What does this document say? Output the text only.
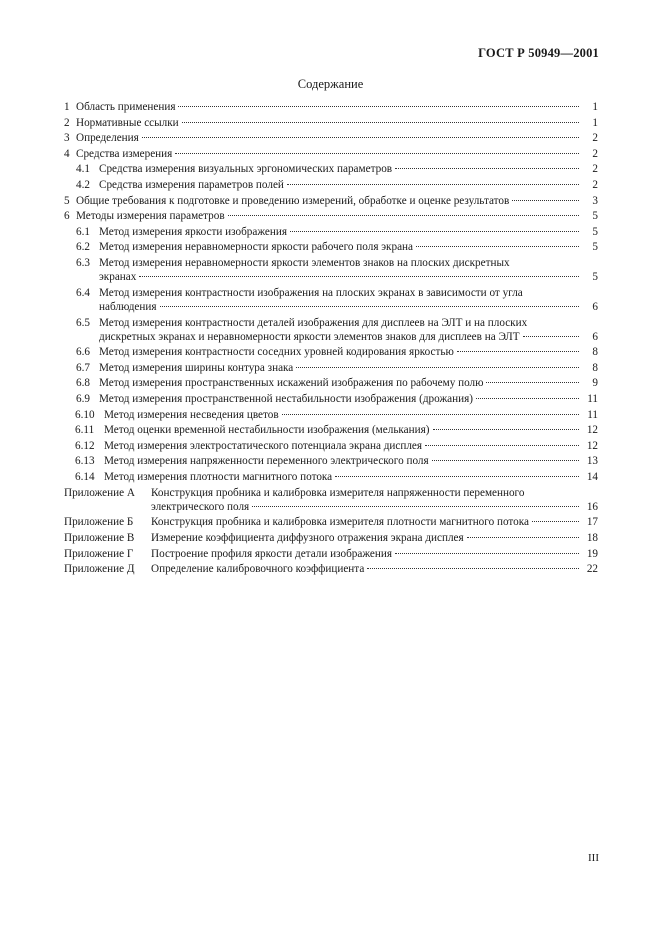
ГОСТ Р 50949—2001
Содержание
1 Область применения	1
2 Нормативные ссылки	1
3 Определения	2
4 Средства измерения	2
4.1 Средства измерения визуальных эргономических параметров	2
4.2 Средства измерения параметров полей	2
5 Общие требования к подготовке и проведению измерений, обработке и оценке результатов	3
6 Методы измерения параметров	5
6.1 Метод измерения яркости изображения	5
6.2 Метод измерения неравномерности яркости рабочего поля экрана	5
6.3 Метод измерения неравномерности яркости элементов знаков на плоских дискретных
экранах	5
6.4 Метод измерения контрастности изображения на плоских экранах в зависимости от угла
наблюдения	6
6.5 Метод измерения контрастности деталей изображения для дисплеев на ЭЛТ и на плоских
дискретных экранах и неравномерности яркости элементов знаков для дисплеев на ЭЛТ	6
6.6 Метод измерения контрастности соседних уровней кодирования яркостью	8
6.7 Метод измерения ширины контура знака	8
6.8 Метод измерения пространственных искажений изображения по рабочему полю	9
6.9 Метод измерения пространственной нестабильности изображения (дрожания)	11
6.10 Метод измерения несведения цветов	11
6.11 Метод оценки временной нестабильности изображения (мелькания)	12
6.12 Метод измерения электростатического потенциала экрана дисплея	12
6.13 Метод измерения напряженности переменного электрического поля	13
6.14 Метод измерения плотности магнитного потока	14
Приложение А	Конструкция пробника и калибровка измерителя напряженности переменного
электрического поля	16
Приложение Б	Конструкция пробника и калибровка измерителя плотности магнитного потока	17
Приложение В	Измерение коэффициента диффузного отражения экрана дисплея	18
Приложение Г	Построение профиля яркости детали изображения	19
Приложение Д	Определение калибровочного коэффициента	22
III
